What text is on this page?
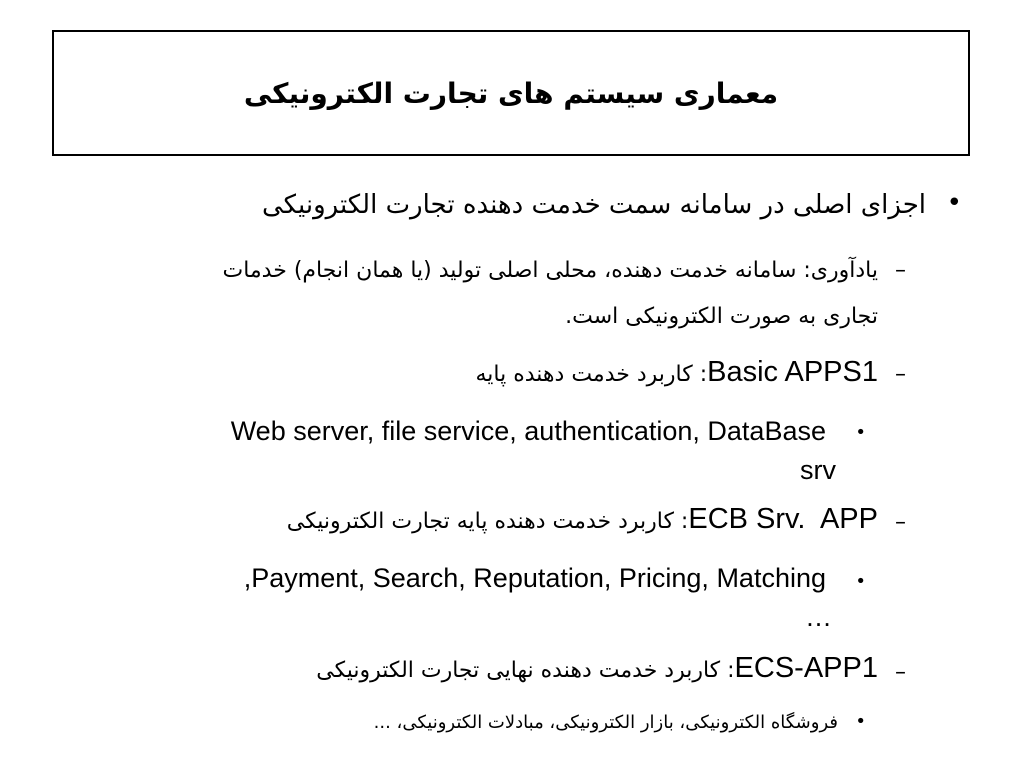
معماری سیستم های تجارت الکترونیکی
•
اجزای اصلی در سامانه سمت خدمت دهنده تجارت الکترونیکی
–
یادآوری: سامانه خدمت دهنده، محلی اصلی تولید (یا همان انجام) خدمات
تجاری به صورت الکترونیکی است.
–
Basic APPS1: کاربرد خدمت دهنده پایه
•
Web server, file service, authentication, DataBase
srv
–
ECB Srv.  APP: کاربرد خدمت دهنده پایه تجارت الکترونیکی
•
Payment, Search, Reputation, Pricing, Matching,
…
–
ECS-APP1: کاربرد خدمت دهنده نهایی تجارت الکترونیکی
•
فروشگاه الکترونیکی، بازار الکترونیکی، مبادلات الکترونیکی، ...
